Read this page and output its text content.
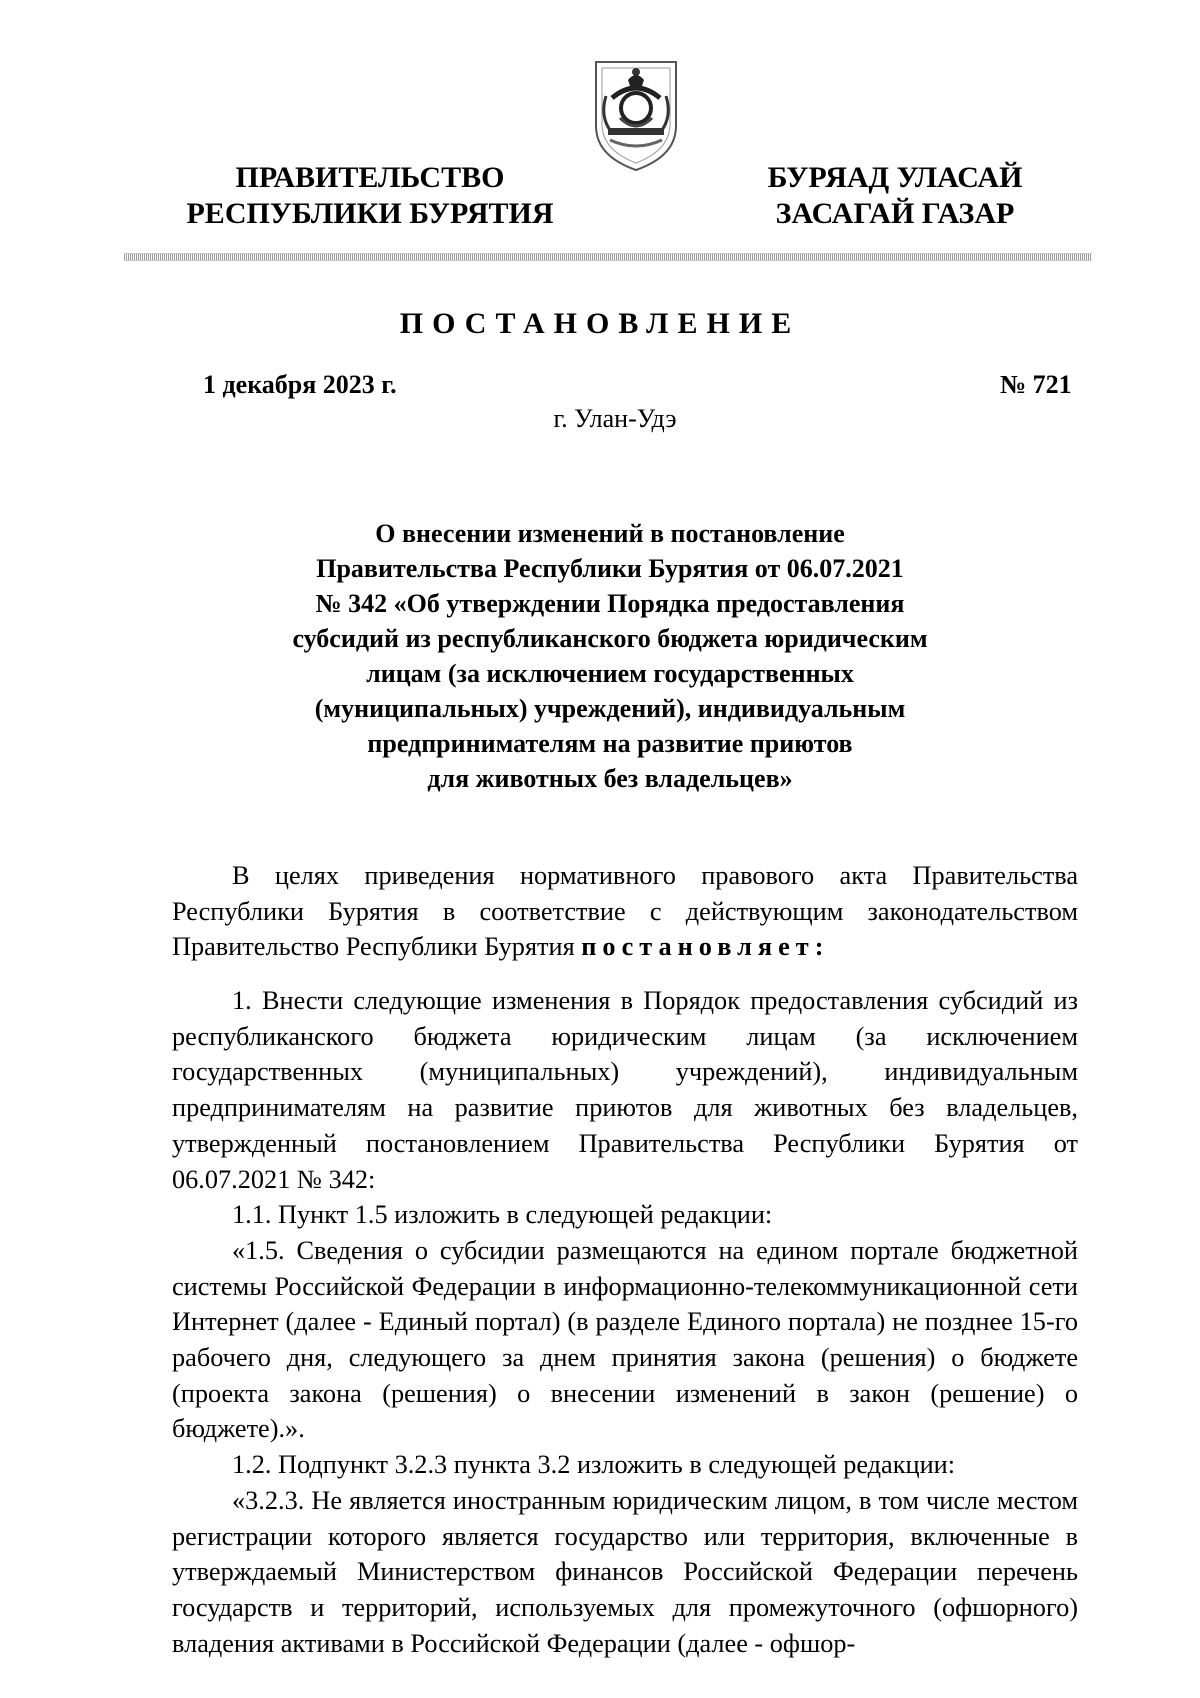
ПРАВИТЕЛЬСТВО
РЕСПУБЛИКИ БУРЯТИЯ
БУРЯАД УЛАСАЙ
ЗАСАГАЙ ГАЗАР
ПОСТАНОВЛЕНИЕ
1 декабря 2023 г.	№ 721
г. Улан-Удэ
О внесении изменений в постановление
Правительства Республики Бурятия от 06.07.2021
№ 342 «Об утверждении Порядка предоставления
субсидий из республиканского бюджета юридическим
лицам (за исключением государственных
(муниципальных) учреждений), индивидуальным
предпринимателям на развитие приютов
для животных без владельцев»

В целях приведения нормативного правового акта Правительства Республики Бурятия в соответствие с действующим законодательством Правительство Республики Бурятия постановляет:

1. Внести следующие изменения в Порядок предоставления субсидий из республиканского бюджета юридическим лицам (за исключением государственных (муниципальных) учреждений), индивидуальным предпринимателям на развитие приютов для животных без владельцев, утвержденный постановлением Правительства Республики Бурятия от 06.07.2021 № 342:

1.1. Пункт 1.5 изложить в следующей редакции:

«1.5. Сведения о субсидии размещаются на едином портале бюджетной системы Российской Федерации в информационно-телекоммуникационной сети Интернет (далее - Единый портал) (в разделе Единого портала) не позднее 15-го рабочего дня, следующего за днем принятия закона (решения) о бюджете (проекта закона (решения) о внесении изменений в закон (решение) о бюджете).».

1.2. Подпункт 3.2.3 пункта 3.2 изложить в следующей редакции:

«3.2.3. Не является иностранным юридическим лицом, в том числе местом регистрации которого является государство или территория, включенные в утверждаемый Министерством финансов Российской Федерации перечень государств и территорий, используемых для промежуточного (офшорного) владения активами в Российской Федерации (далее - офшор-
